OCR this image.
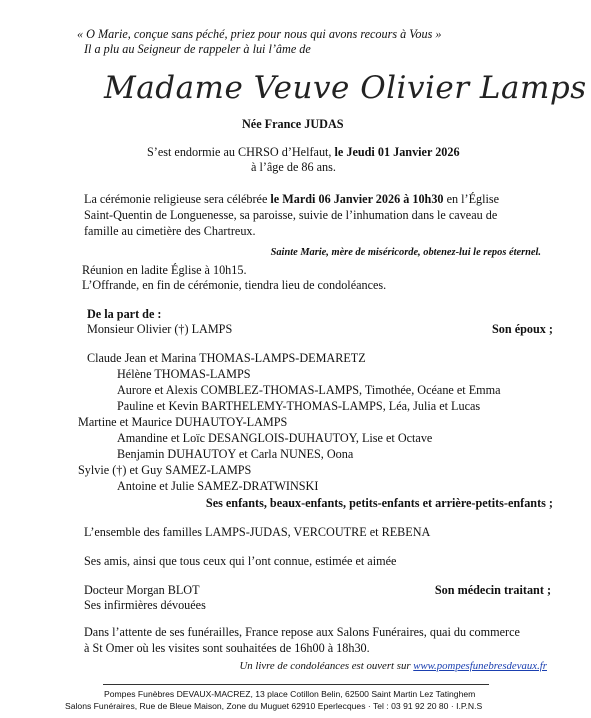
« O Marie, conçue sans péché, priez pour nous qui avons recours à Vous »
Il a plu au Seigneur de rappeler à lui l’âme de
Madame Veuve Olivier Lamps
Née France JUDAS
S’est endormie au CHRSO d’Helfaut, le Jeudi 01 Janvier 2026
à l’âge de 86 ans.
La cérémonie religieuse sera célébrée le Mardi 06 Janvier 2026 à 10h30 en l’Église
Saint-Quentin de Longuenesse, sa paroisse, suivie de l’inhumation dans le caveau de
famille au cimetière des Chartreux.
Sainte Marie, mère de miséricorde, obtenez-lui le repos éternel.
Réunion en ladite Église à 10h15.
L’Offrande, en fin de cérémonie, tiendra lieu de condoléances.
De la part de :
Monsieur Olivier (†) LAMPS	Son époux ;
Claude Jean et Marina THOMAS-LAMPS-DEMARETZ
Hélène THOMAS-LAMPS
Aurore et Alexis COMBLEZ-THOMAS-LAMPS, Timothée, Océane et Emma
Pauline et Kevin BARTHELEMY-THOMAS-LAMPS, Léa, Julia et Lucas
Martine et Maurice DUHAUTOY-LAMPS
Amandine et Loïc DESANGLOIS-DUHAUTOY, Lise et Octave
Benjamin DUHAUTOY et Carla NUNES, Oona
Sylvie (†) et Guy SAMEZ-LAMPS
Antoine et Julie SAMEZ-DRATWINSKI
Ses enfants, beaux-enfants, petits-enfants et arrière-petits-enfants ;
L’ensemble des familles LAMPS-JUDAS, VERCOUTRE et REBENA
Ses amis, ainsi que tous ceux qui l’ont connue, estimée et aimée
Docteur Morgan BLOT	Son médecin traitant ;
Ses infirmières dévouées
Dans l’attente de ses funérailles, France repose aux Salons Funéraires, quai du commerce
à St Omer où les visites sont souhaitées de 16h00 à 18h30.
Un livre de condoléances est ouvert sur www.pompesfunebresdevaux.fr
Pompes Funèbres DEVAUX-MACREZ, 13 place Cotillon Belin, 62500 Saint Martin Lez Tatinghem
Salons Funéraires, Rue de Bleue Maison, Zone du Muguet 62910 Eperlecques · Tel : 03 91 92 20 80 · I.P.N.S
